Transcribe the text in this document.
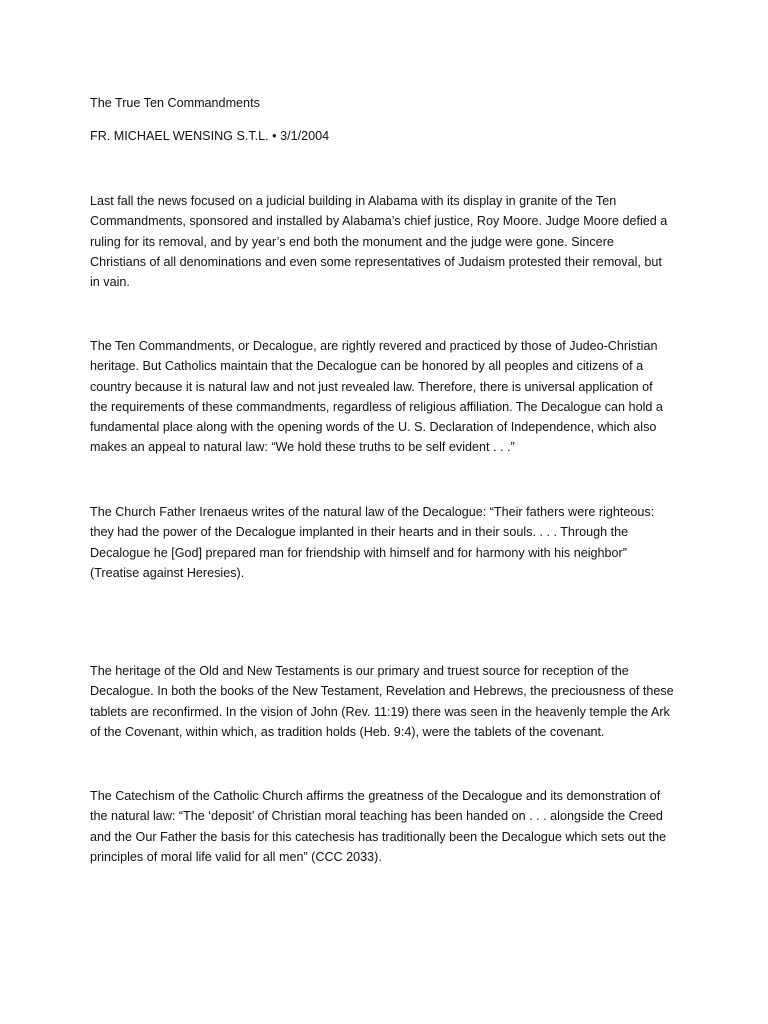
The True Ten Commandments
FR. MICHAEL WENSING S.T.L. • 3/1/2004
Last fall the news focused on a judicial building in Alabama with its display in granite of the Ten
Commandments, sponsored and installed by Alabama’s chief justice, Roy Moore. Judge Moore defied a
ruling for its removal, and by year’s end both the monument and the judge were gone. Sincere
Christians of all denominations and even some representatives of Judaism protested their removal, but
in vain.
The Ten Commandments, or Decalogue, are rightly revered and practiced by those of Judeo-Christian
heritage. But Catholics maintain that the Decalogue can be honored by all peoples and citizens of a
country because it is natural law and not just revealed law. Therefore, there is universal application of
the requirements of these commandments, regardless of religious affiliation. The Decalogue can hold a
fundamental place along with the opening words of the U. S. Declaration of Independence, which also
makes an appeal to natural law: “We hold these truths to be self evident . . .”
The Church Father Irenaeus writes of the natural law of the Decalogue: “Their fathers were righteous:
they had the power of the Decalogue implanted in their hearts and in their souls. . . . Through the
Decalogue he [God] prepared man for friendship with himself and for harmony with his neighbor”
(Treatise against Heresies).
The heritage of the Old and New Testaments is our primary and truest source for reception of the
Decalogue. In both the books of the New Testament, Revelation and Hebrews, the preciousness of these
tablets are reconfirmed. In the vision of John (Rev. 11:19) there was seen in the heavenly temple the Ark
of the Covenant, within which, as tradition holds (Heb. 9:4), were the tablets of the covenant.
The Catechism of the Catholic Church affirms the greatness of the Decalogue and its demonstration of
the natural law: “The ‘deposit’ of Christian moral teaching has been handed on . . . alongside the Creed
and the Our Father the basis for this catechesis has traditionally been the Decalogue which sets out the
principles of moral life valid for all men” (CCC 2033).
